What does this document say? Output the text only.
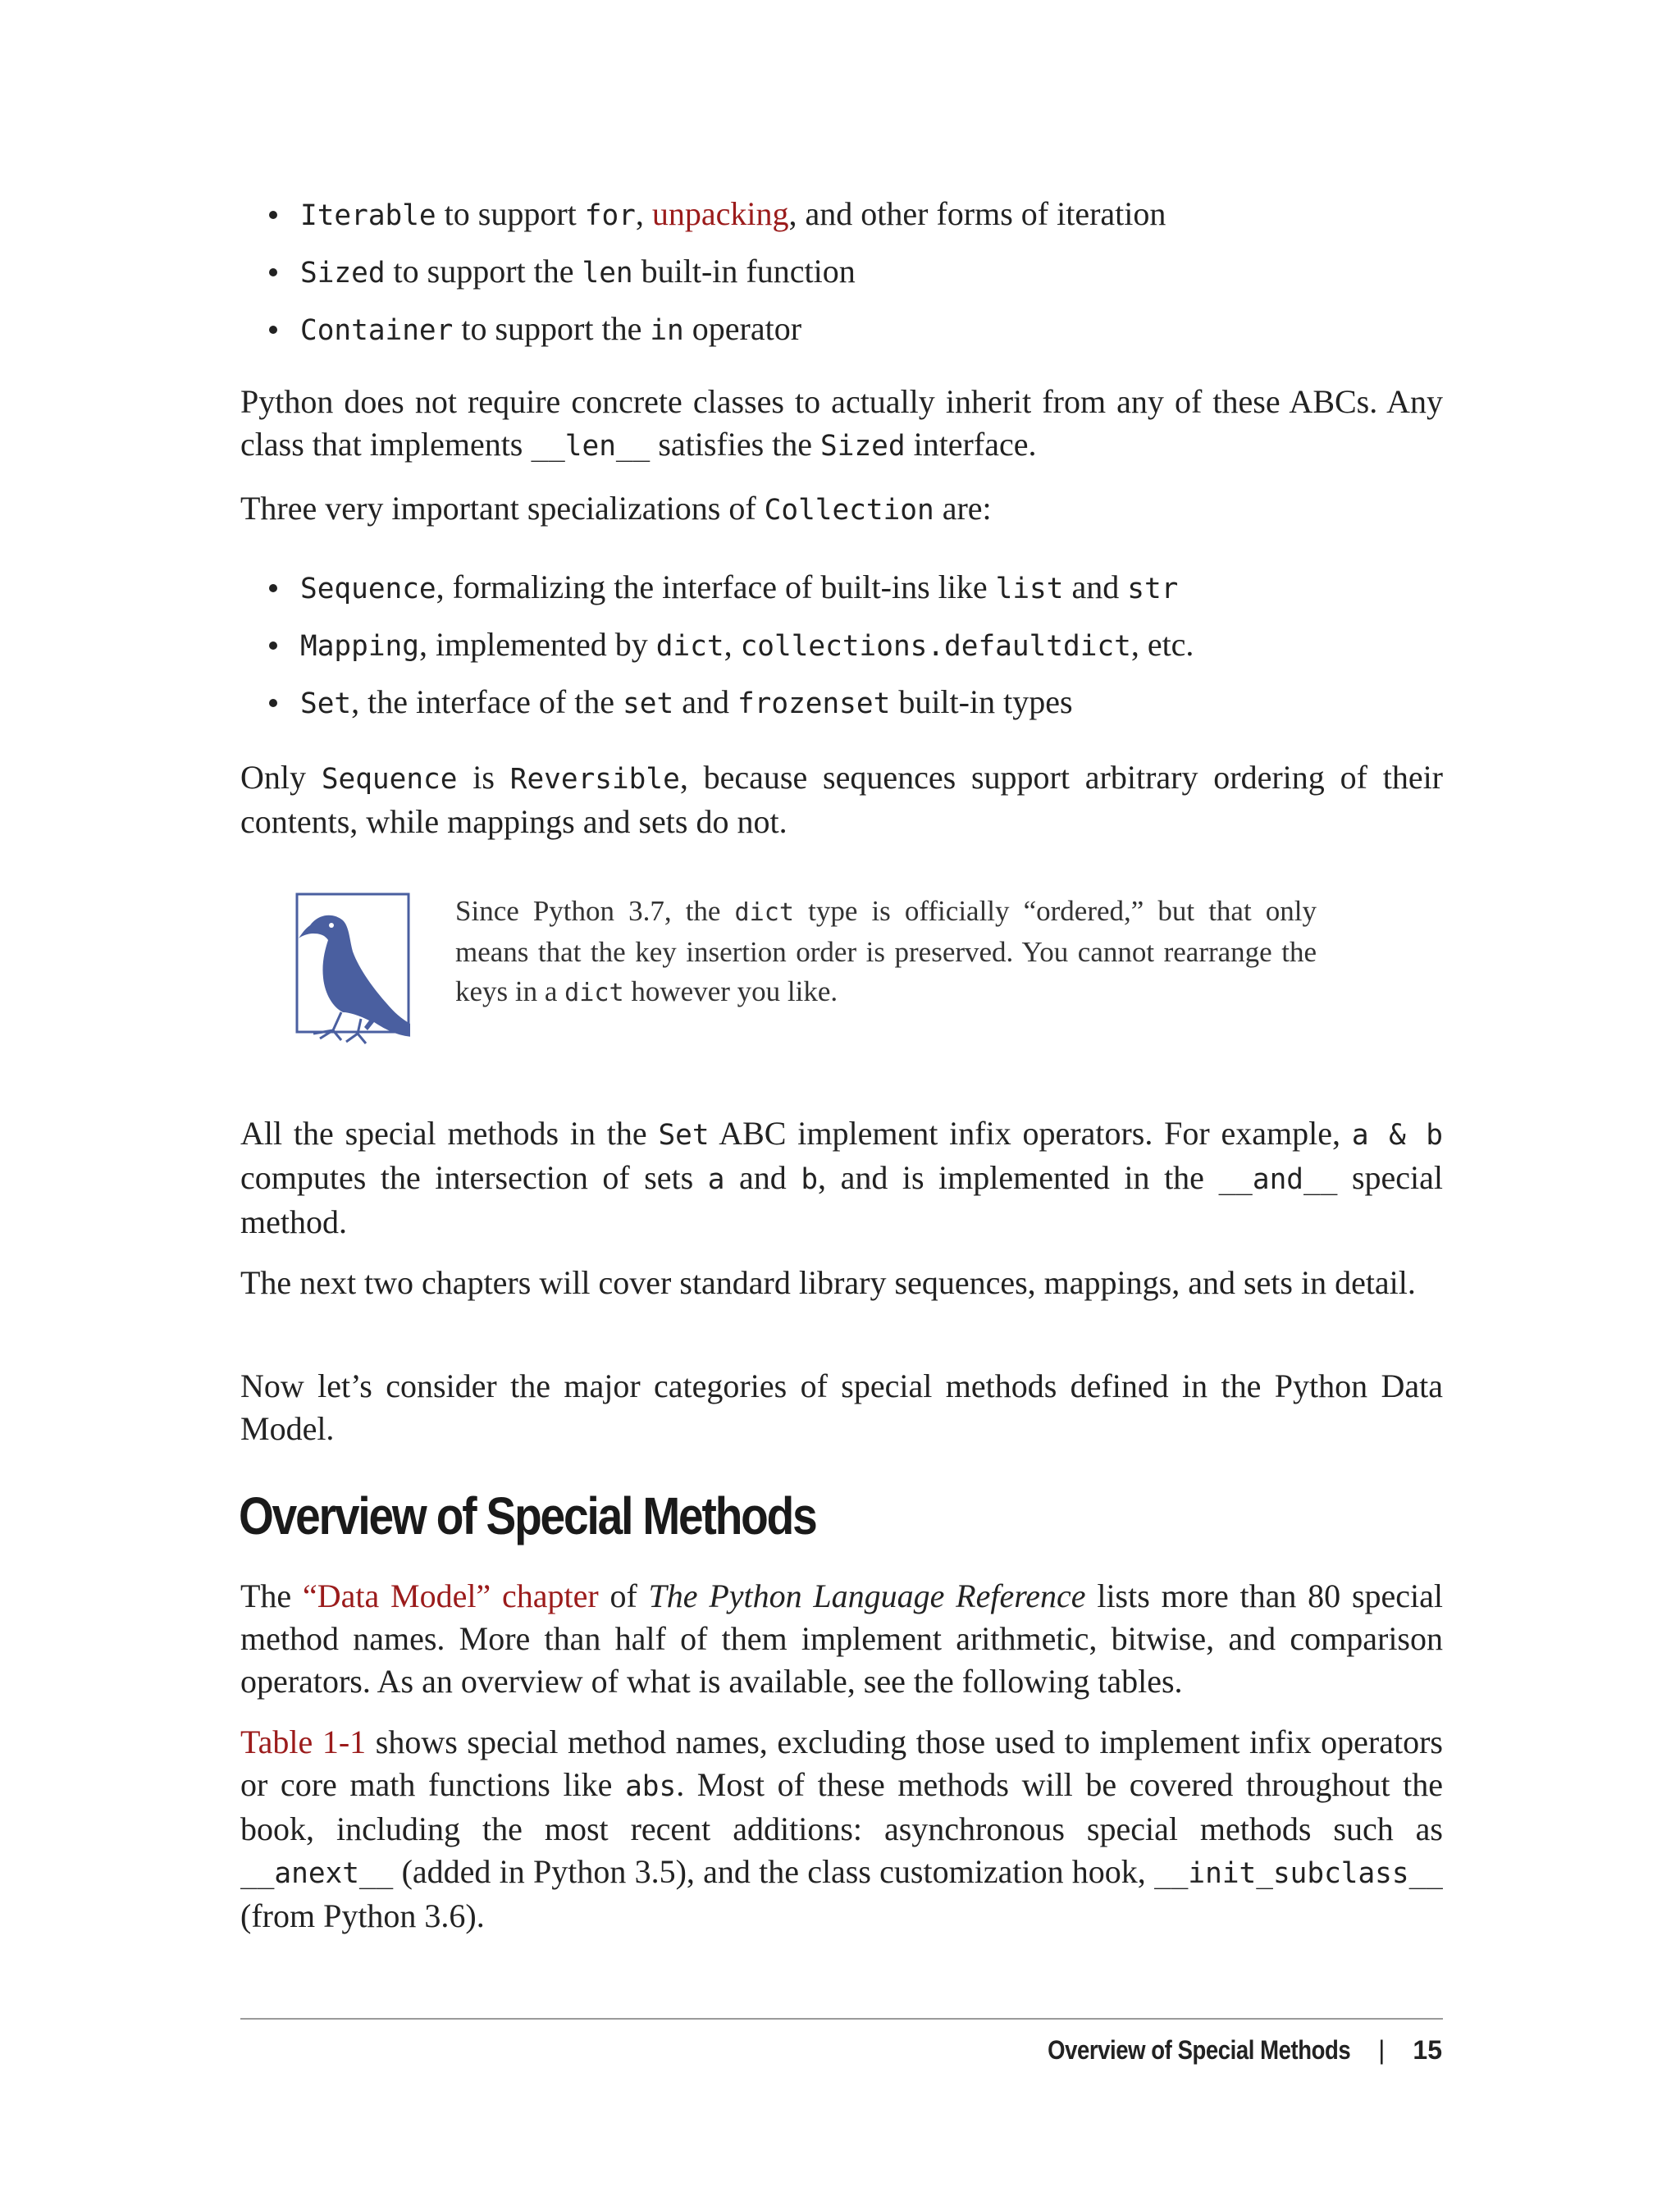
Iterable to support for, unpacking, and other forms of iteration
Sized to support the len built-in function
Container to support the in operator

Python does not require concrete classes to actually inherit from any of these ABCs. Any class that implements __len__ satisfies the Sized interface.

Three very important specializations of Collection are:

Sequence, formalizing the interface of built-ins like list and str
Mapping, implemented by dict, collections.defaultdict, etc.
Set, the interface of the set and frozenset built-in types

Only Sequence is Reversible, because sequences support arbitrary ordering of their contents, while mappings and sets do not.

Since Python 3.7, the dict type is officially “ordered,” but that only means that the key insertion order is preserved. You cannot rearrange the keys in a dict however you like.

All the special methods in the Set ABC implement infix operators. For example, a & b computes the intersection of sets a and b, and is implemented in the __and__ special method.

The next two chapters will cover standard library sequences, mappings, and sets in detail.

Now let’s consider the major categories of special methods defined in the Python Data Model.

Overview of Special Methods

The “Data Model” chapter of The Python Language Reference lists more than 80 special method names. More than half of them implement arithmetic, bitwise, and comparison operators. As an overview of what is available, see the following tables.

Table 1-1 shows special method names, excluding those used to implement infix operators or core math functions like abs. Most of these methods will be covered throughout the book, including the most recent additions: asynchronous special methods such as __anext__ (added in Python 3.5), and the class customization hook, __init_subclass__ (from Python 3.6).

Overview of Special Methods | 15
